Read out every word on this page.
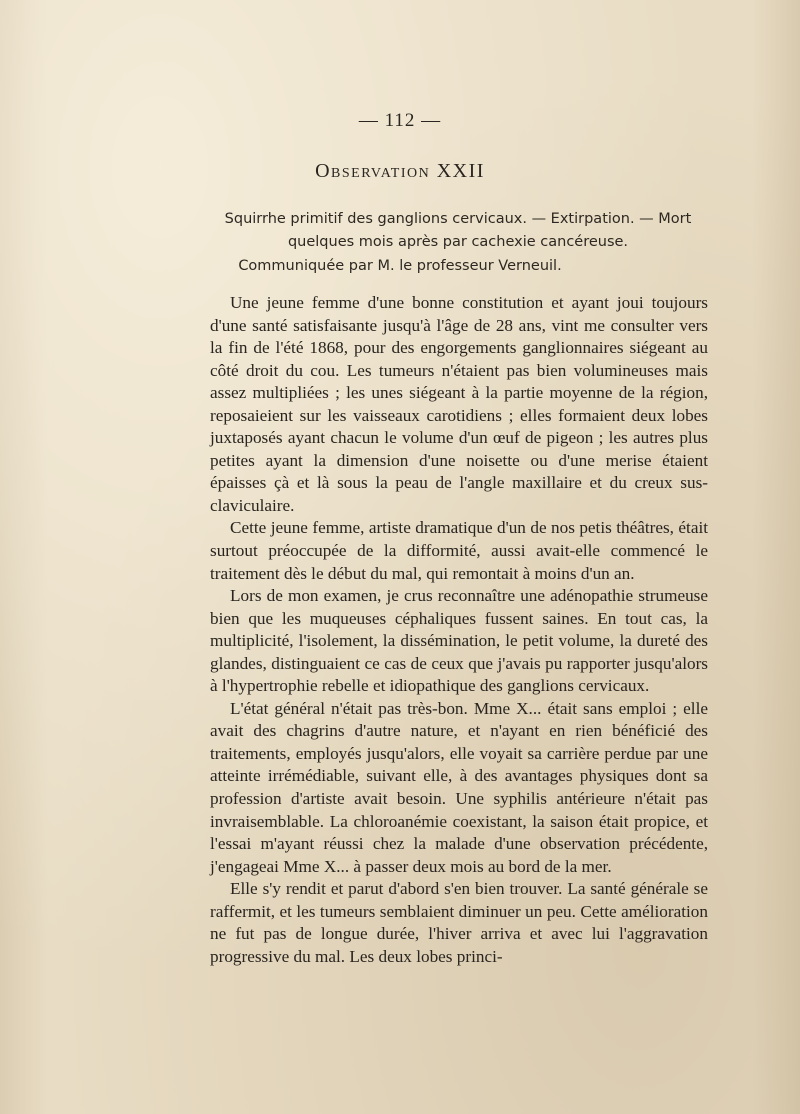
— 112 —
Observation XXII
Squirrhe primitif des ganglions cervicaux. — Extirpation. — Mort quelques mois après par cachexie cancéreuse.
Communiquée par M. le professeur Verneuil.

Une jeune femme d'une bonne constitution et ayant joui toujours d'une santé satisfaisante jusqu'à l'âge de 28 ans, vint me consulter vers la fin de l'été 1868, pour des engorgements ganglionnaires siégeant au côté droit du cou. Les tumeurs n'étaient pas bien volumineuses mais assez multipliées ; les unes siégeant à la partie moyenne de la région, reposaieient sur les vaisseaux carotidiens ; elles formaient deux lobes juxtaposés ayant chacun le volume d'un œuf de pigeon ; les autres plus petites ayant la dimension d'une noisette ou d'une merise étaient épaisses çà et là sous la peau de l'angle maxillaire et du creux sus-claviculaire.

Cette jeune femme, artiste dramatique d'un de nos petis théâtres, était surtout préoccupée de la difformité, aussi avait-elle commencé le traitement dès le début du mal, qui remontait à moins d'un an.

Lors de mon examen, je crus reconnaître une adénopathie strumeuse bien que les muqueuses céphaliques fussent saines. En tout cas, la multiplicité, l'isolement, la dissémination, le petit volume, la dureté des glandes, distinguaient ce cas de ceux que j'avais pu rapporter jusqu'alors à l'hypertrophie rebelle et idiopathique des ganglions cervicaux.

L'état général n'était pas très-bon. Mme X... était sans emploi ; elle avait des chagrins d'autre nature, et n'ayant en rien bénéficié des traitements, employés jusqu'alors, elle voyait sa carrière perdue par une atteinte irrémédiable, suivant elle, à des avantages physiques dont sa profession d'artiste avait besoin. Une syphilis antérieure n'était pas invraisemblable. La chloroanémie coexistant, la saison était propice, et l'essai m'ayant réussi chez la malade d'une observation précédente, j'engageai Mme X... à passer deux mois au bord de la mer.

Elle s'y rendit et parut d'abord s'en bien trouver. La santé générale se raffermit, et les tumeurs semblaient diminuer un peu. Cette amélioration ne fut pas de longue durée, l'hiver arriva et avec lui l'aggravation progressive du mal. Les deux lobes princi-
